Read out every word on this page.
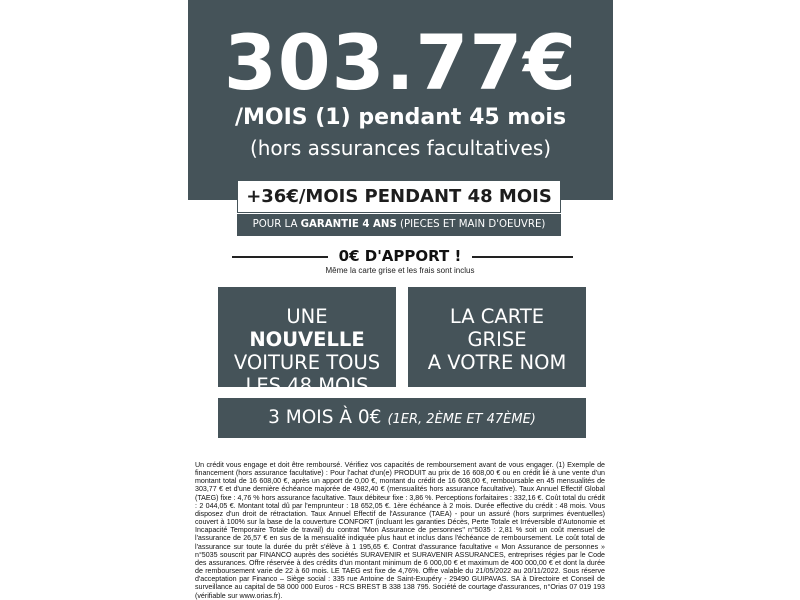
303.77€
/MOIS (1) pendant 45 mois
(hors assurances facultatives)
+36€/MOIS PENDANT 48 MOIS
POUR LA GARANTIE 4 ANS (PIECES ET MAIN D'OEUVRE)
0€ D'APPORT !
Même la carte grise et les frais sont inclus
UNE
NOUVELLE
VOITURE TOUS
LES 48 MOIS
LA CARTE
GRISE
A VOTRE NOM
3 MOIS À 0€ (1ER, 2ÈME ET 47ÈME)
Un crédit vous engage et doit être remboursé. Vérifiez vos capacités de remboursement avant de vous engager. (1) Exemple de financement (hors assurance facultative) : Pour l'achat d'un(e) PRODUIT au prix de 16 608,00 € ou en crédit lié à une vente d'un montant total de 16 608,00 €, après un apport de 0,00 €, montant du crédit de 16 608,00 €, remboursable en 45 mensualités de 303,77 € et d'une dernière échéance majorée de 4982,40 € (mensualités hors assurance facultative). Taux Annuel Effectif Global (TAEG) fixe : 4,76 % hors assurance facultative. Taux débiteur fixe : 3,86 %. Perceptions forfaitaires : 332,16 €. Coût total du crédit : 2 044,05 €. Montant total dû par l'emprunteur : 18 652,05 €. 1ère échéance à 2 mois. Durée effective du crédit : 48 mois. Vous disposez d'un droit de rétractation. Taux Annuel Effectif de l'Assurance (TAEA) - pour un assuré (hors surprimes éventuelles) couvert à 100% sur la base de la couverture CONFORT (incluant les garanties Décès, Perte Totale et Irréversible d'Autonomie et Incapacité Temporaire Totale de travail) du contrat "Mon Assurance de personnes" n°5035 : 2,81 % soit un coût mensuel de l'assurance de 26,57 € en sus de la mensualité indiquée plus haut et inclus dans l'échéance de remboursement. Le coût total de l'assurance sur toute la durée du prêt s'élève à 1 195,65 €. Contrat d'assurance facultative « Mon Assurance de personnes » n°5035 souscrit par FINANCO auprès des sociétés SURAVENIR et SURAVENIR ASSURANCES, entreprises régies par le Code des assurances. Offre réservée à des crédits d'un montant minimum de 6 000,00 € et maximum de 400 000,00 € et dont la durée de remboursement varie de 22 à 60 mois. LE TAEG est fixe de 4,76%. Offre valable du 21/05/2022 au 20/11/2022. Sous réserve d'acceptation par Financo – Siège social : 335 rue Antoine de Saint-Exupéry - 29490 GUIPAVAS. SA à Directoire et Conseil de surveillance au capital de 58 000 000 Euros - RCS BREST B 338 138 795. Société de courtage d'assurances, n°Orias 07 019 193 (vérifiable sur www.orias.fr).
